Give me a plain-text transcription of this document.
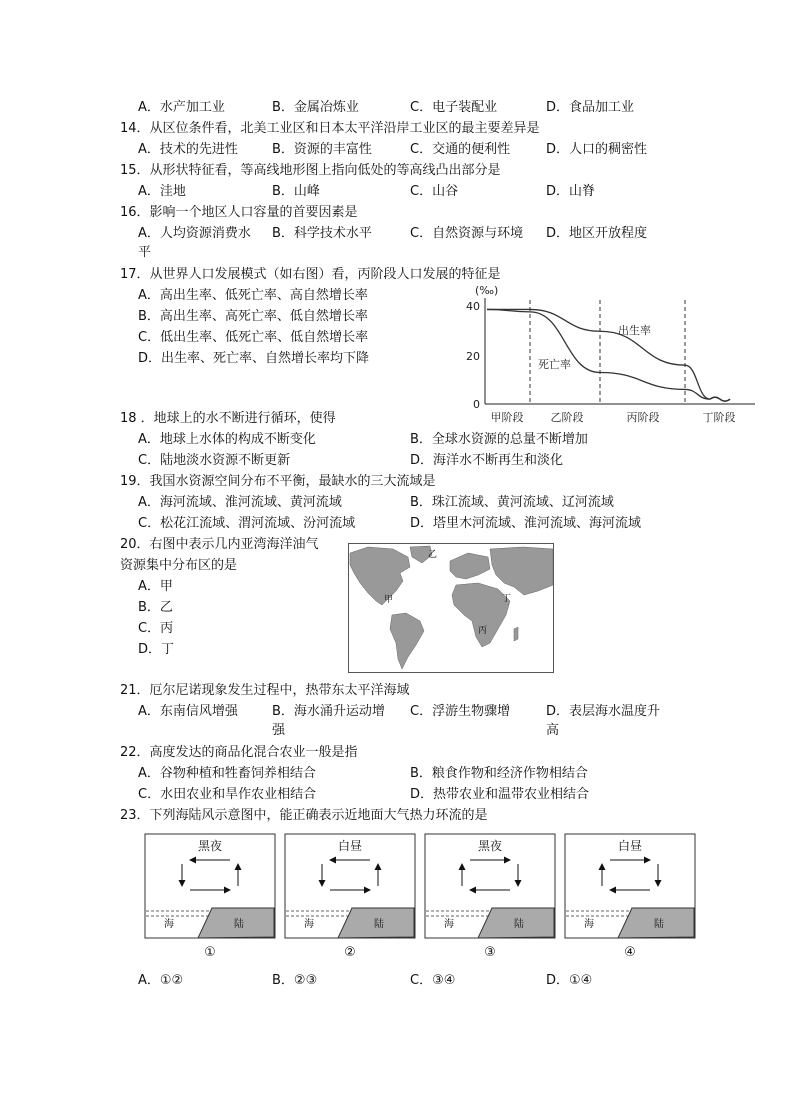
A．水产加工业	B．金属冶炼业	C．电子装配业	D．食品加工业
14．从区位条件看，北美工业区和日本太平洋沿岸工业区的最主要差异是
A．技术的先进性	B．资源的丰富性	C．交通的便利性	D．人口的稠密性
15．从形状特征看，等高线地形图上指向低处的等高线凸出部分是
A．洼地	B．山峰	C．山谷	D．山脊
16．影响一个地区人口容量的首要因素是
A．人均资源消费水 B．科学技术水平	C．自然资源与环境 D．地区开放程度
平
17．从世界人口发展模式（如右图）看，丙阶段人口发展的特征是
A．高出生率、低死亡率、高自然增长率
B．高出生率、高死亡率、低自然增长率
C．低出生率、低死亡率、低自然增长率
D．出生率、死亡率、自然增长率均下降
(‰)
40
20
0
出生率
死亡率
甲阶段 乙阶段	丙阶段	丁阶段
18 ．地球上的水不断进行循环，使得
A．地球上水体的构成不断变化	B．全球水资源的总量不断增加
C．陆地淡水资源不断更新	D．海洋水不断再生和淡化
19．我国水资源空间分布不平衡，最缺水的三大流域是
A．海河流域、淮河流域、黄河流域	B．珠江流域、黄河流域、辽河流域
C．松花江流域、渭河流域、汾河流域	D．塔里木河流域、淮河流域、海河流域
20．右图中表示几内亚湾海洋油气
资源集中分布区的是
A．甲
B．乙
C．丙
D．丁
甲
乙
丙
丁
21．厄尔尼诺现象发生过程中，热带东太平洋海域
A．东南信风增强	B．海水涌升运动增 C．浮游生物骤增	D．表层海水温度升
强	高
22．高度发达的商品化混合农业一般是指
A．谷物种植和牲畜饲养相结合	B．粮食作物和经济作物相结合
C．水田农业和旱作农业相结合	D．热带农业和温带农业相结合
23．下列海陆风示意图中，能正确表示近地面大气热力环流的是
黑夜
海	陆
①
白昼
海	陆
②
黑夜
海	陆
③
白昼
海	陆
④
A．①②	B．②③	C．③④	D．①④
